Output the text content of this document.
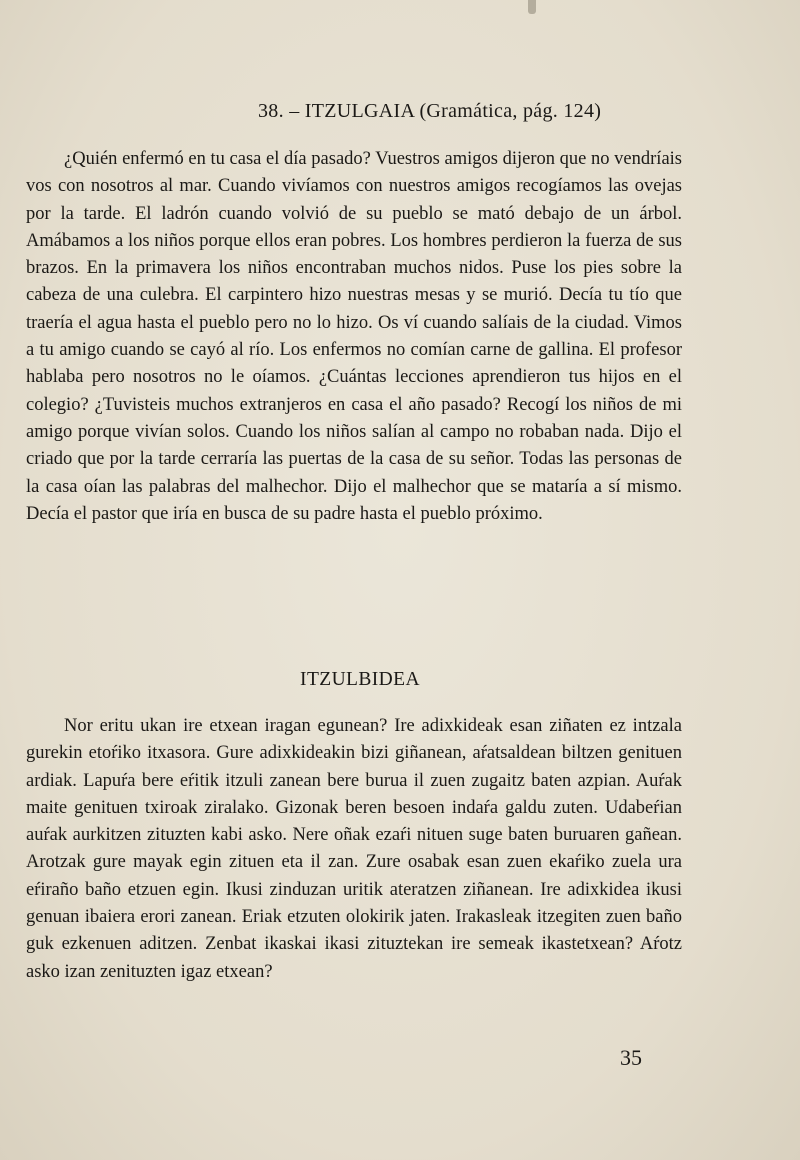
38. – ITZULGAIA (Gramática, pág. 124)

¿Quién enfermó en tu casa el día pasado? Vuestros amigos dijeron que no vendríais vos con nosotros al mar. Cuando vivíamos con nuestros amigos recogíamos las ovejas por la tarde. El ladrón cuando volvió de su pueblo se mató debajo de un árbol. Amábamos a los niños porque ellos eran pobres. Los hombres perdieron la fuerza de sus brazos. En la primavera los niños encontraban muchos nidos. Puse los pies sobre la cabeza de una culebra. El carpintero hizo nuestras mesas y se murió. Decía tu tío que traería el agua hasta el pueblo pero no lo hizo. Os ví cuando salíais de la ciudad. Vimos a tu amigo cuando se cayó al río. Los enfermos no comían carne de gallina. El profesor hablaba pero nosotros no le oíamos. ¿Cuántas lecciones aprendieron tus hijos en el colegio? ¿Tuvisteis muchos extranjeros en casa el año pasado? Recogí los niños de mi amigo porque vivían solos. Cuando los niños salían al campo no robaban nada. Dijo el criado que por la tarde cerraría las puertas de la casa de su señor. Todas las personas de la casa oían las palabras del malhechor. Dijo el malhechor que se mataría a sí mismo. Decía el pastor que iría en busca de su padre hasta el pueblo próximo.

ITZULBIDEA

Nor eritu ukan ire etxean iragan egunean? Ire adixkideak esan ziñaten ez intzala gurekin etoŕiko itxasora. Gure adixkideakin bizi giñanean, aŕatsaldean biltzen genituen ardiak. Lapuŕa bere eŕitik itzuli zanean bere burua il zuen zugaitz baten azpian. Auŕak maite genituen txiroak ziralako. Gizonak beren besoen indaŕa galdu zuten. Udabeŕian auŕak aurkitzen zituzten kabi asko. Nere oñak ezaŕi nituen suge baten buruaren gañean. Arotzak gure mayak egin zituen eta il zan. Zure osabak esan zuen ekaŕiko zuela ura eŕiraño baño etzuen egin. Ikusi zinduzan uritik ateratzen ziñanean. Ire adixkidea ikusi genuan ibaiera erori zanean. Eriak etzuten olokirik jaten. Irakasleak itzegiten zuen baño guk ezkenuen aditzen. Zenbat ikaskai ikasi zituztekan ire semeak ikastetxean? Aŕotz asko izan zenituzten igaz etxean?

35
